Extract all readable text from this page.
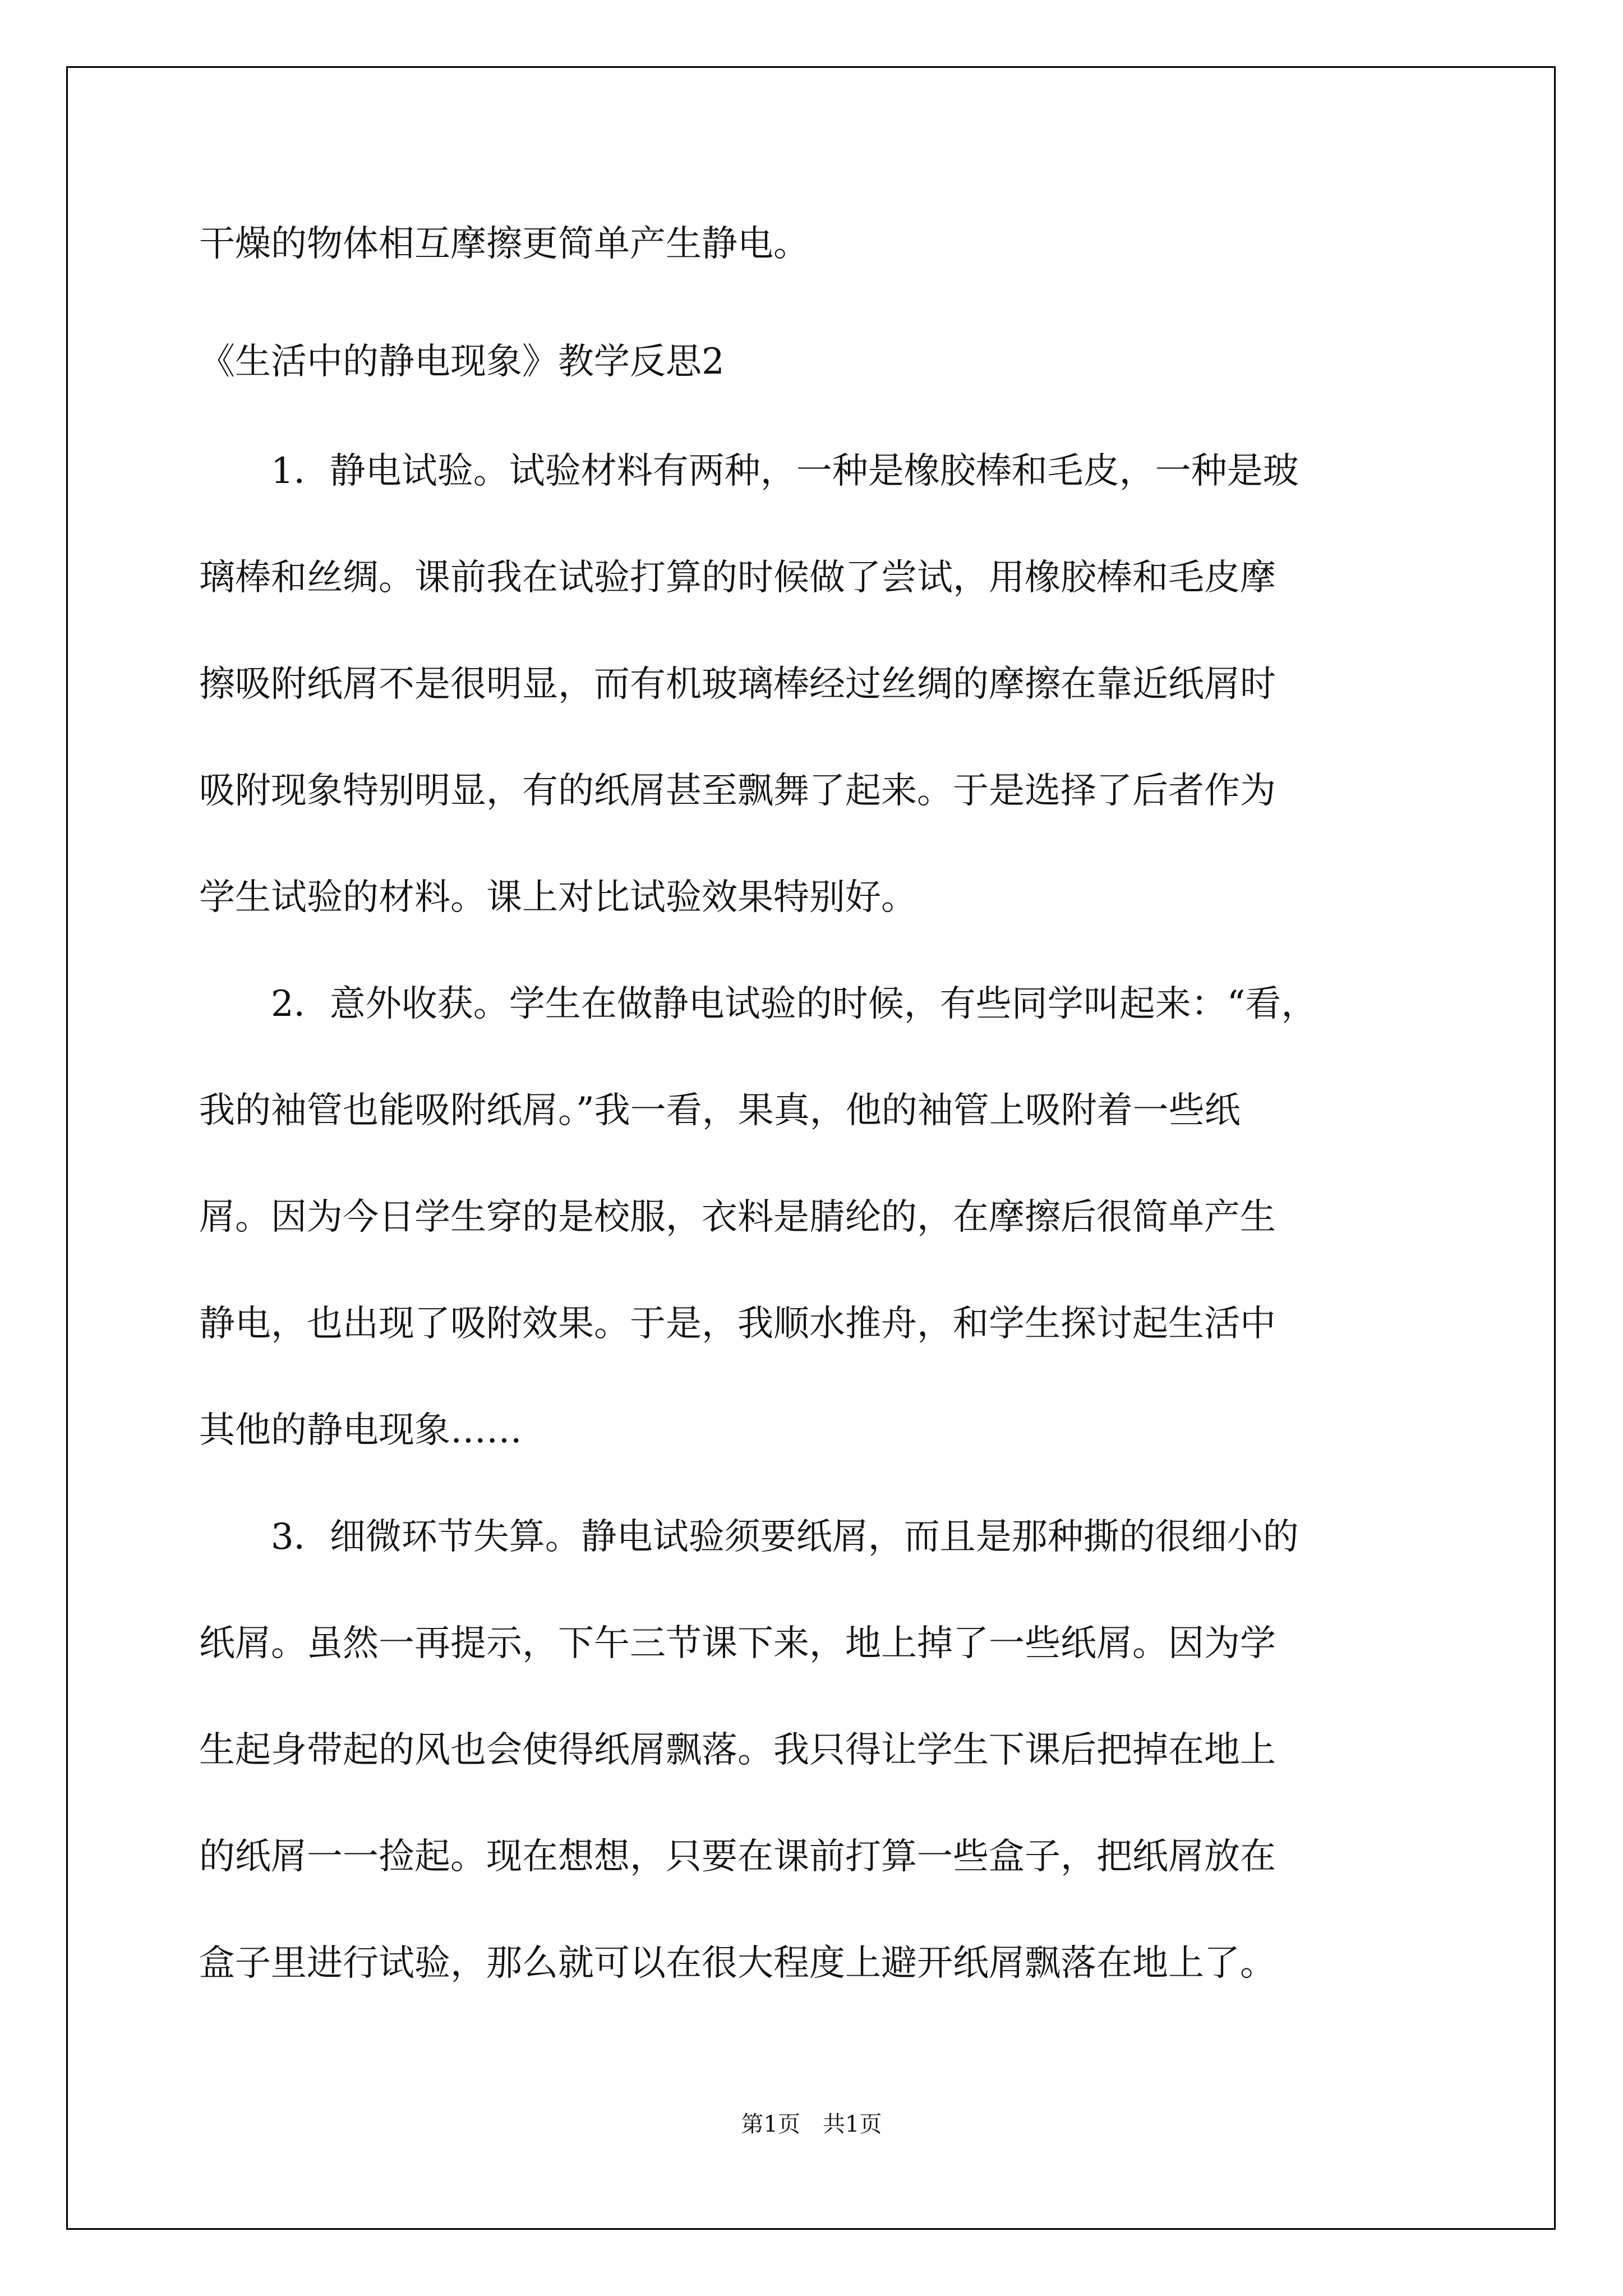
干燥的物体相互摩擦更简单产生静电。
《生活中的静电现象》教学反思2
　　1．静电试验。试验材料有两种，一种是橡胶棒和毛皮，一种是玻
璃棒和丝绸。课前我在试验打算的时候做了尝试，用橡胶棒和毛皮摩
擦吸附纸屑不是很明显，而有机玻璃棒经过丝绸的摩擦在靠近纸屑时
吸附现象特别明显，有的纸屑甚至飘舞了起来。于是选择了后者作为
学生试验的材料。课上对比试验效果特别好。
　　2．意外收获。学生在做静电试验的时候，有些同学叫起来：“看，
我的袖管也能吸附纸屑。”我一看，果真，他的袖管上吸附着一些纸
屑。因为今日学生穿的是校服，衣料是腈纶的，在摩擦后很简单产生
静电，也出现了吸附效果。于是，我顺水推舟，和学生探讨起生活中
其他的静电现象……
　　3．细微环节失算。静电试验须要纸屑，而且是那种撕的很细小的
纸屑。虽然一再提示，下午三节课下来，地上掉了一些纸屑。因为学
生起身带起的风也会使得纸屑飘落。我只得让学生下课后把掉在地上
的纸屑一一捡起。现在想想，只要在课前打算一些盒子，把纸屑放在
盒子里进行试验，那么就可以在很大程度上避开纸屑飘落在地上了。
第1页 共1页
